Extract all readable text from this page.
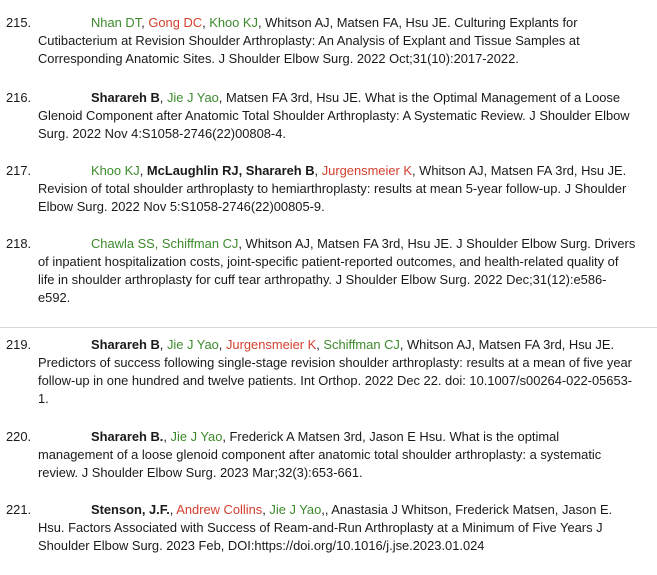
215.	Nhan DT, Gong DC, Khoo KJ, Whitson AJ, Matsen FA, Hsu JE. Culturing Explants for Cutibacterium at Revision Shoulder Arthroplasty: An Analysis of Explant and Tissue Samples at Corresponding Anatomic Sites. J Shoulder Elbow Surg. 2022 Oct;31(10):2017-2022.

216.	Sharareh B, Jie J Yao, Matsen FA 3rd, Hsu JE. What is the Optimal Management of a Loose Glenoid Component after Anatomic Total Shoulder Arthroplasty: A Systematic Review. J Shoulder Elbow Surg. 2022 Nov 4:S1058-2746(22)00808-4.

217.	Khoo KJ, McLaughlin RJ, Sharareh B, Jurgensmeier K, Whitson AJ, Matsen FA 3rd, Hsu JE. Revision of total shoulder arthroplasty to hemiarthroplasty: results at mean 5-year follow-up. J Shoulder Elbow Surg. 2022 Nov 5:S1058-2746(22)00805-9.

218.	Chawla SS, Schiffman CJ, Whitson AJ, Matsen FA 3rd, Hsu JE. J Shoulder Elbow Surg. Drivers of inpatient hospitalization costs, joint-specific patient-reported outcomes, and health-related quality of life in shoulder arthroplasty for cuff tear arthropathy. J Shoulder Elbow Surg. 2022 Dec;31(12):e586-e592.

219.	Sharareh B, Jie J Yao, Jurgensmeier K, Schiffman CJ, Whitson AJ, Matsen FA 3rd, Hsu JE. Predictors of success following single-stage revision shoulder arthroplasty: results at a mean of five year follow-up in one hundred and twelve patients. Int Orthop. 2022 Dec 22. doi: 10.1007/s00264-022-05653-1.

220.	Sharareh B., Jie J Yao, Frederick A Matsen 3rd, Jason E Hsu. What is the optimal management of a loose glenoid component after anatomic total shoulder arthroplasty: a systematic review. J Shoulder Elbow Surg. 2023 Mar;32(3):653-661.

221.	Stenson, J.F., Andrew Collins, Jie J Yao,, Anastasia J Whitson, Frederick Matsen, Jason E. Hsu. Factors Associated with Success of Ream-and-Run Arthroplasty at a Minimum of Five Years J Shoulder Elbow Surg. 2023 Feb, DOI:https://doi.org/10.1016/j.jse.2023.01.024
